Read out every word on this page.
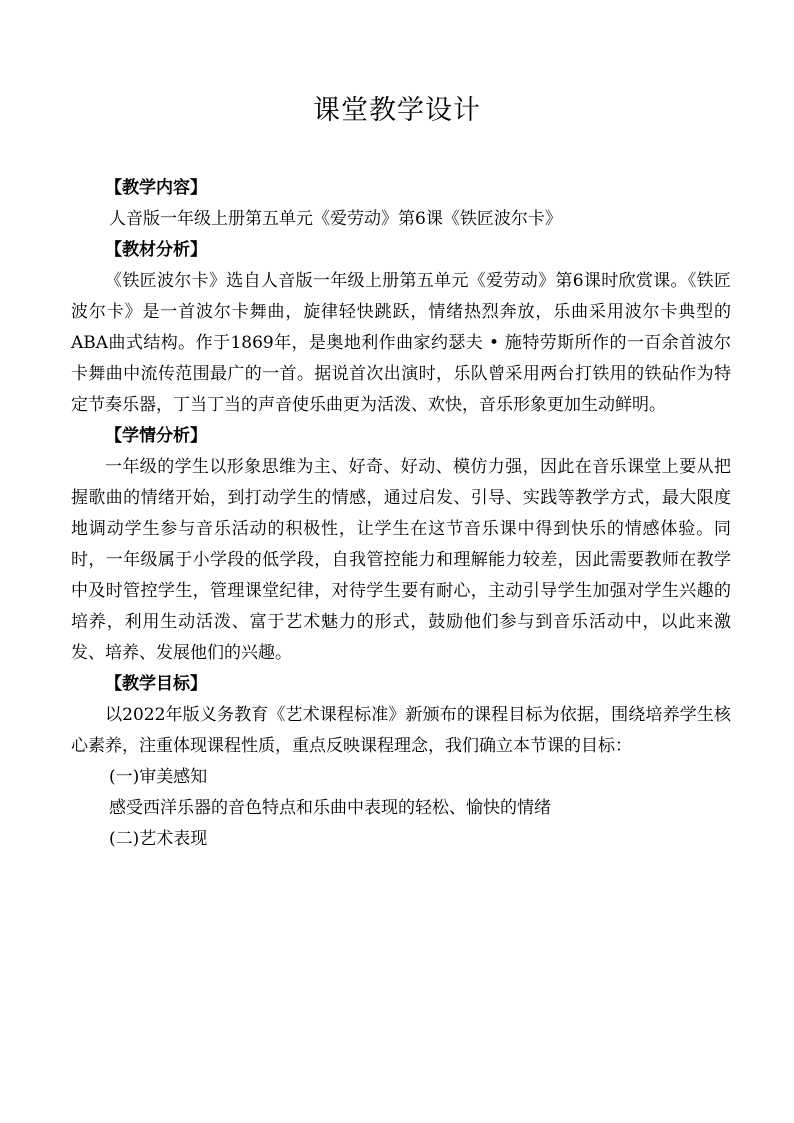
课堂教学设计

【教学内容】

人音版一年级上册第五单元《爱劳动》第6课《铁匠波尔卡》

【教材分析】

《铁匠波尔卡》选自人音版一年级上册第五单元《爱劳动》第6课时欣赏课。《铁匠波尔卡》是一首波尔卡舞曲，旋律轻快跳跃，情绪热烈奔放，乐曲采用波尔卡典型的ABA曲式结构。作于1869年，是奥地利作曲家约瑟夫 • 施特劳斯所作的一百余首波尔卡舞曲中流传范围最广的一首。据说首次出演时，乐队曾采用两台打铁用的铁砧作为特定节奏乐器，丁当丁当的声音使乐曲更为活泼、欢快，音乐形象更加生动鲜明。

【学情分析】

一年级的学生以形象思维为主、好奇、好动、模仿力强，因此在音乐课堂上要从把握歌曲的情绪开始，到打动学生的情感，通过启发、引导、实践等教学方式，最大限度地调动学生参与音乐活动的积极性，让学生在这节音乐课中得到快乐的情感体验。同时，一年级属于小学段的低学段，自我管控能力和理解能力较差，因此需要教师在教学中及时管控学生，管理课堂纪律，对待学生要有耐心，主动引导学生加强对学生兴趣的培养，利用生动活泼、富于艺术魅力的形式，鼓励他们参与到音乐活动中，以此来激发、培养、发展他们的兴趣。

【教学目标】

以2022年版义务教育《艺术课程标准》新颁布的课程目标为依据，围绕培养学生核心素养，注重体现课程性质，重点反映课程理念，我们确立本节课的目标：

(一)审美感知

感受西洋乐器的音色特点和乐曲中表现的轻松、愉快的情绪

(二)艺术表现
